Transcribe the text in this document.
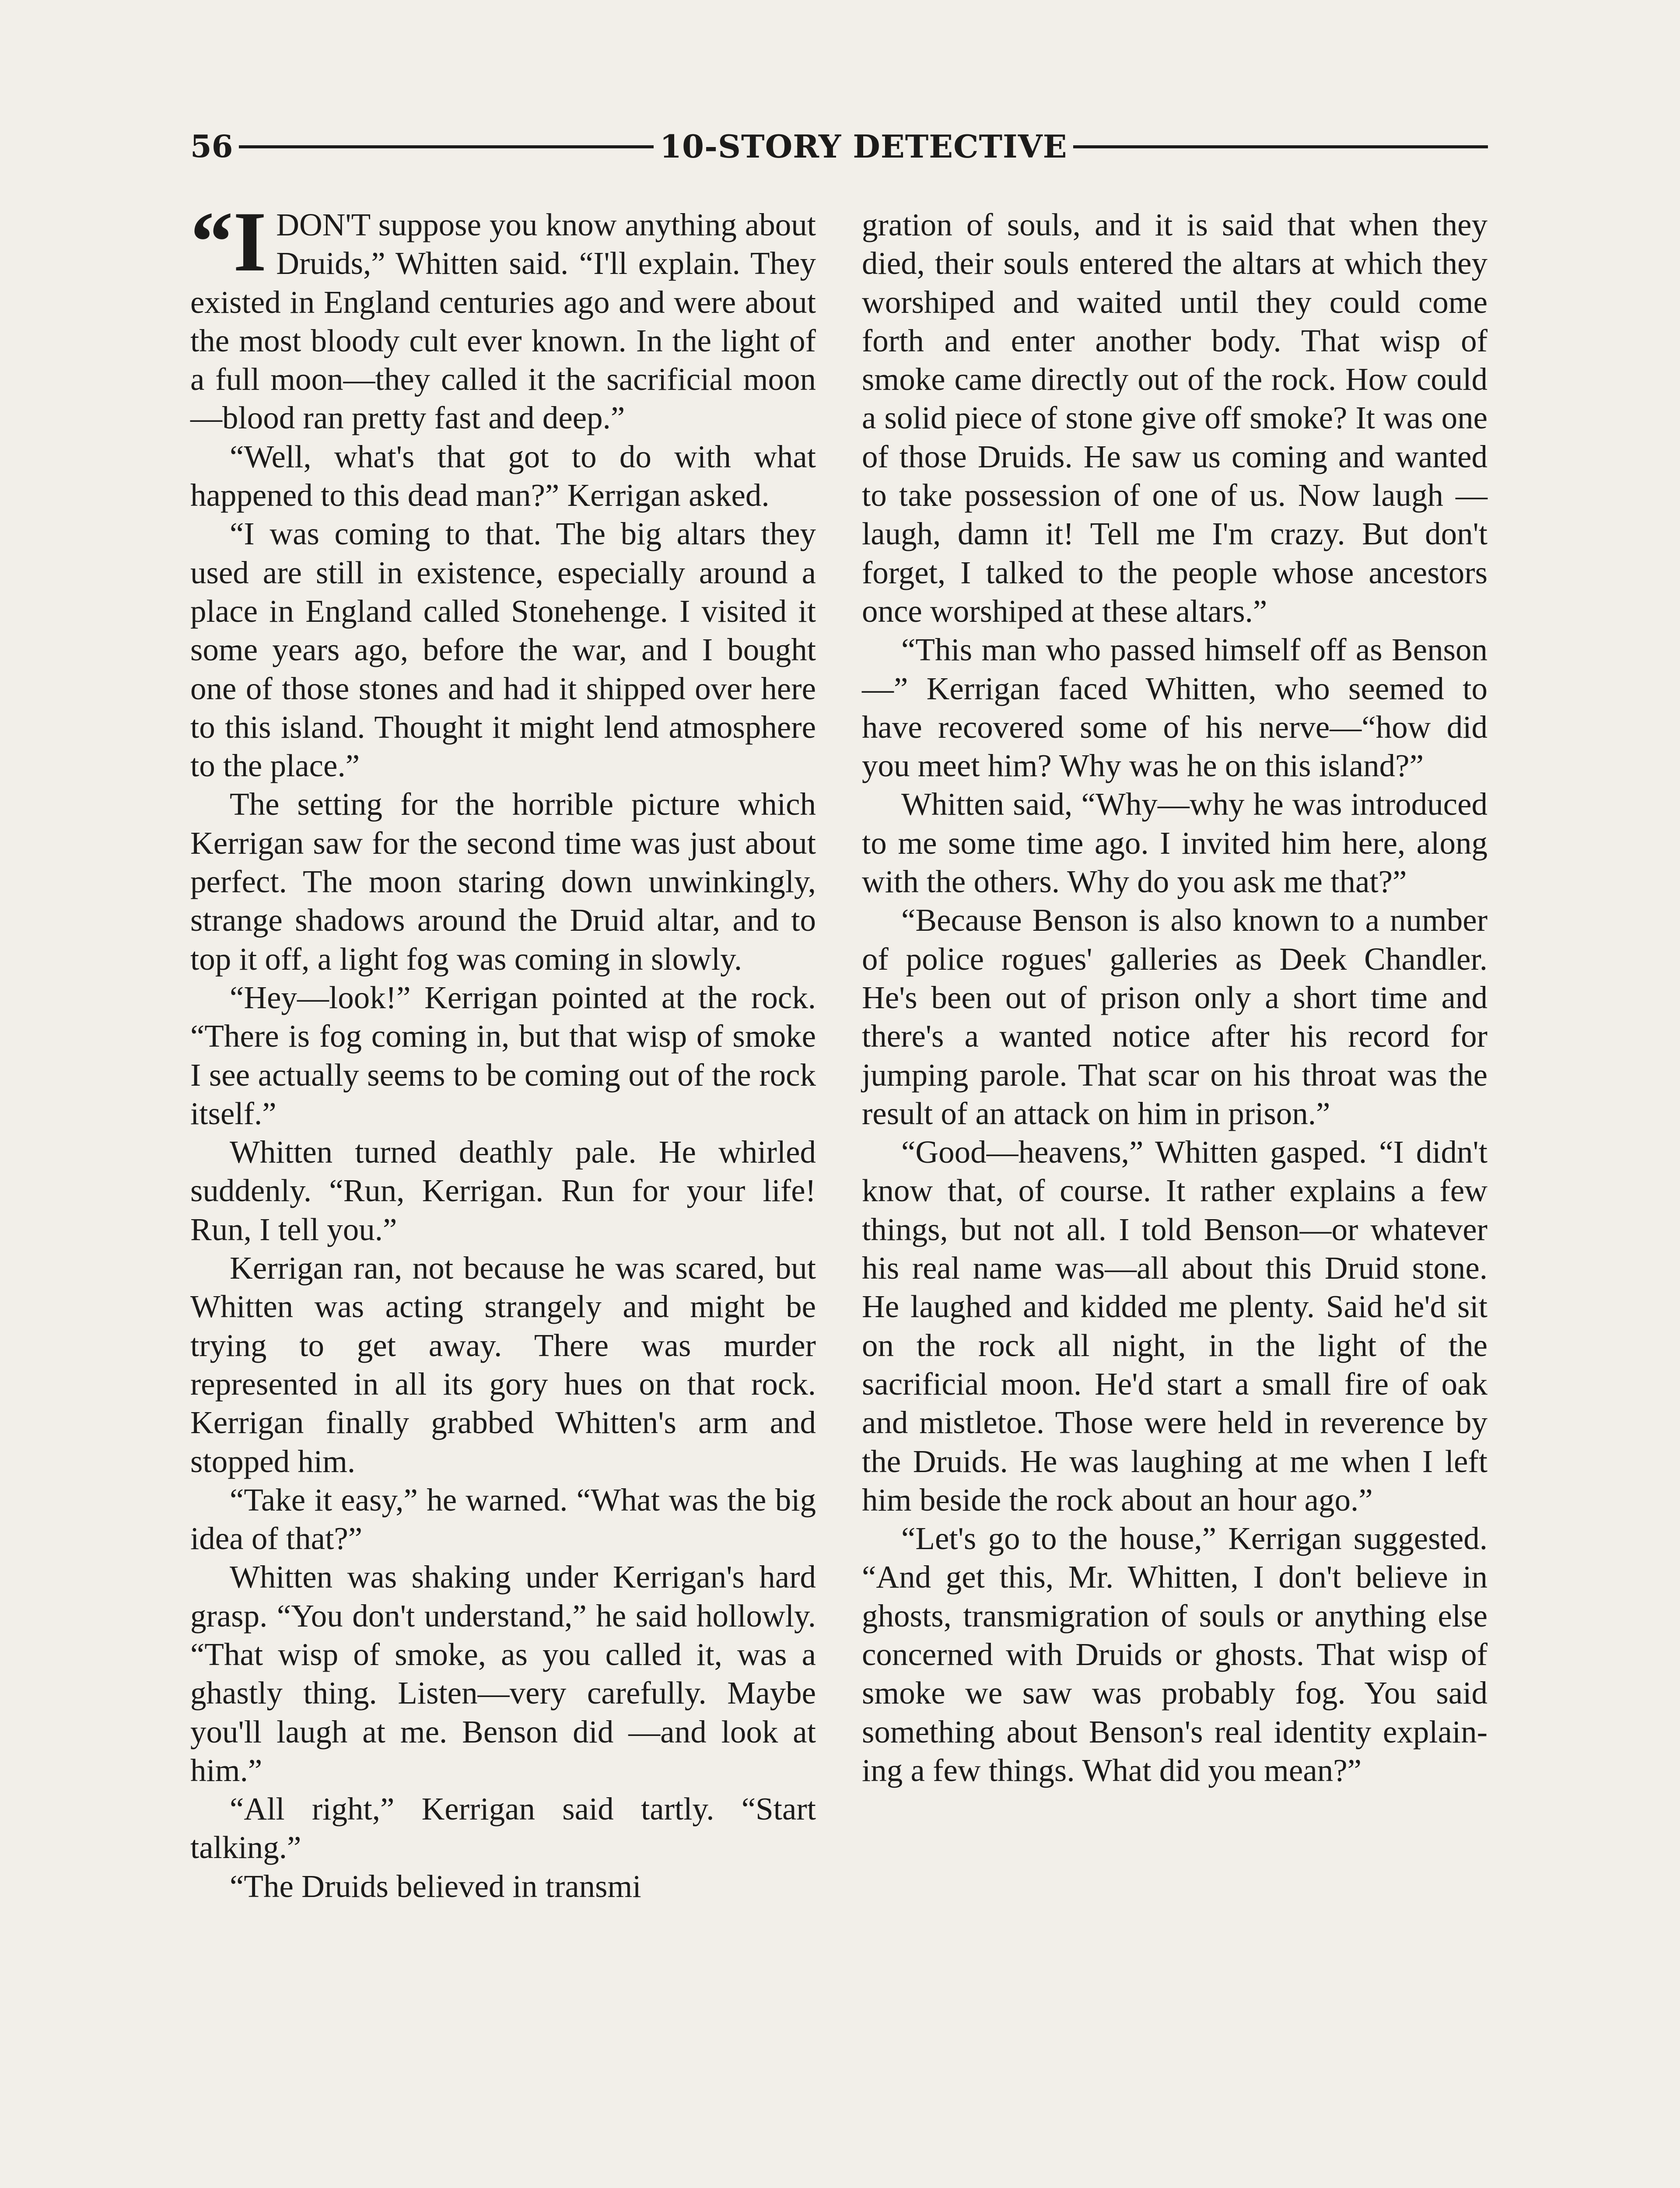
56	10-STORY DETECTIVE

“I DON'T suppose you know anything about Druids,” Whitten said. “I'll explain. They existed in England centuries ago and were about the most bloody cult ever known. In the light of a full moon—they called it the sacrificial moon—blood ran pretty fast and deep.”

“Well, what's that got to do with what happened to this dead man?” Kerrigan asked.

“I was coming to that. The big altars they used are still in existence, especially around a place in England called Stonehenge. I visited it some years ago, before the war, and I bought one of those stones and had it shipped over here to this island. Thought it might lend atmosphere to the place.”

The setting for the horrible picture which Kerrigan saw for the second time was just about perfect. The moon staring down unwinkingly, strange shadows around the Druid altar, and to top it off, a light fog was coming in slowly.

“Hey—look!” Kerrigan pointed at the rock. “There is fog coming in, but that wisp of smoke I see actually seems to be coming out of the rock itself.”

Whitten turned deathly pale. He whirled suddenly. “Run, Kerrigan. Run for your life! Run, I tell you.”

Kerrigan ran, not because he was scared, but Whitten was acting strangely and might be trying to get away. There was murder represented in all its gory hues on that rock. Kerrigan finally grabbed Whitten's arm and stopped him.

“Take it easy,” he warned. “What was the big idea of that?”

Whitten was shaking under Kerrigan's hard grasp. “You don't understand,” he said hollowly. “That wisp of smoke, as you called it, was a ghastly thing. Listen—very carefully. Maybe you'll laugh at me. Benson did —and look at him.”

“All right,” Kerrigan said tartly. “Start talking.”

“The Druids believed in transmi

gration of souls, and it is said that when they died, their souls entered the altars at which they worshiped and waited until they could come forth and enter another body. That wisp of smoke came directly out of the rock. How could a solid piece of stone give off smoke? It was one of those Druids. He saw us coming and wanted to take possession of one of us. Now laugh —laugh, damn it! Tell me I'm crazy. But don't forget, I talked to the people whose ancestors once worshiped at these altars.”

“This man who passed himself off as Benson—” Kerrigan faced Whitten, who seemed to have recovered some of his nerve—“how did you meet him? Why was he on this island?”

Whitten said, “Why—why he was introduced to me some time ago. I invited him here, along with the others. Why do you ask me that?”

“Because Benson is also known to a number of police rogues' galleries as Deek Chandler. He's been out of prison only a short time and there's a wanted notice after his record for jumping parole. That scar on his throat was the result of an attack on him in prison.”

“Good—heavens,” Whitten gasped. “I didn't know that, of course. It rather explains a few things, but not all. I told Benson—or whatever his real name was—all about this Druid stone. He laughed and kidded me plenty. Said he'd sit on the rock all night, in the light of the sacrificial moon. He'd start a small fire of oak and mistletoe. Those were held in reverence by the Druids. He was laughing at me when I left him beside the rock about an hour ago.”

“Let's go to the house,” Kerrigan suggested. “And get this, Mr. Whitten, I don't believe in ghosts, transmigration of souls or anything else concerned with Druids or ghosts. That wisp of smoke we saw was probably fog. You said something about Benson's real identity explaining a few things. What did you mean?”
